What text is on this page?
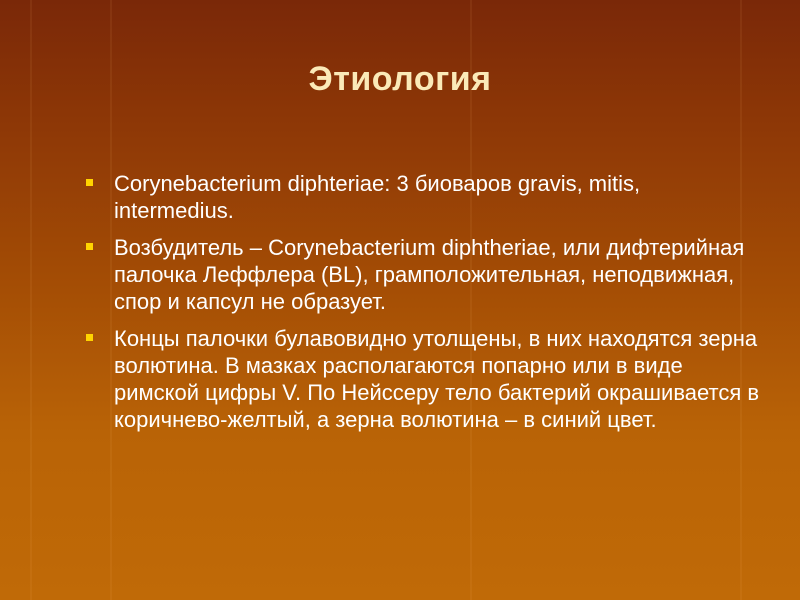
Этиология
Corynebacterium diphteriae: 3 биоваров gravis, mitis, intermedius.
Возбудитель – Corynebacterium diphtheriae, или дифтерийная палочка Леффлера (BL), грамположительная, неподвижная, спор и капсул не образует.
Концы палочки булавовидно утолщены, в них находятся зерна волютина. В мазках располагаются попарно или в виде римской цифры V. По Нейссеру тело бактерий окрашивается в коричнево-желтый, а зерна волютина – в синий цвет.
